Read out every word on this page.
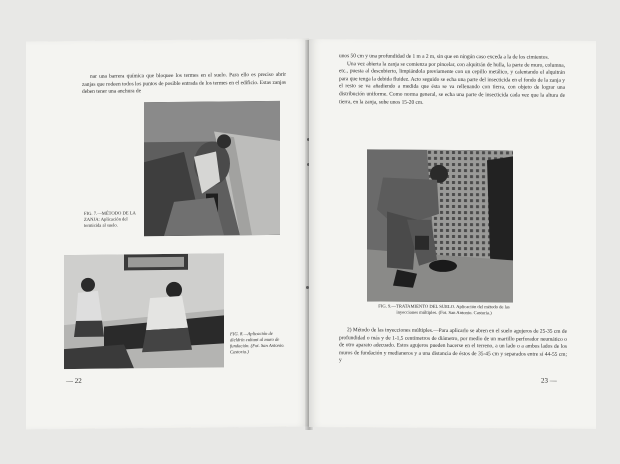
nar una barrera química que bloquee los termes en el suelo. Para ello es preciso abrir zanjas que rodeen todos los puntos de posible entrada de los termes en el edificio. Estas zanjas deben tener una anchura de

FIG. 7.—MÉTODO DE LA ZANJA: Aplicación del termicida al suelo.
FIG. 8.—Aplicación de dieldrín cultant al muro de fundación. (Fot. San Antonio. Castoria.)
— 22

unos 50 cm y una profundidad de 1 m a 2 m, sin que en ningún caso exceda a la de los cimientos.

Una vez abierta la zanja se comienza por pincelar, con alquitrán de hulla, la parte de muro, columna, etc., puesta al descubierto, limpiándola previamente con un cepillo metálico, y calentando el alquitrán para que tenga la debida fluidez. Acto seguido se echa una parte del insecticida en el fondo de la zanja y el resto se va añadiendo a medida que ésta se va rellenando con tierra, con objeto de lograr una distribución uniforme. Como norma general, se echa una parte de insecticida cada vez que la altura de tierra, en la zanja, sube unos 15-20 cm.

FIG. 9.—TRATAMIENTO DEL SUELO. Aplicación del método de las inyecciones múltiples. (Fot. San Antonio. Castoria.)

2) Método de las inyecciones múltiples.—Para aplicarlo se abren en el suelo agujeros de 25-35 cm de profundidad o más y de 1-1,5 centímetros de diámetro, por medio de un martillo perforador neumático o de otro aparato adecuado. Estos agujeros pueden hacerse en el terreno, a un lado o a ambos lados de los muros de fundación y medianeros y a una distancia de éstos de 35-45 cm y separados entre sí 44-55 cm; y

23 —
